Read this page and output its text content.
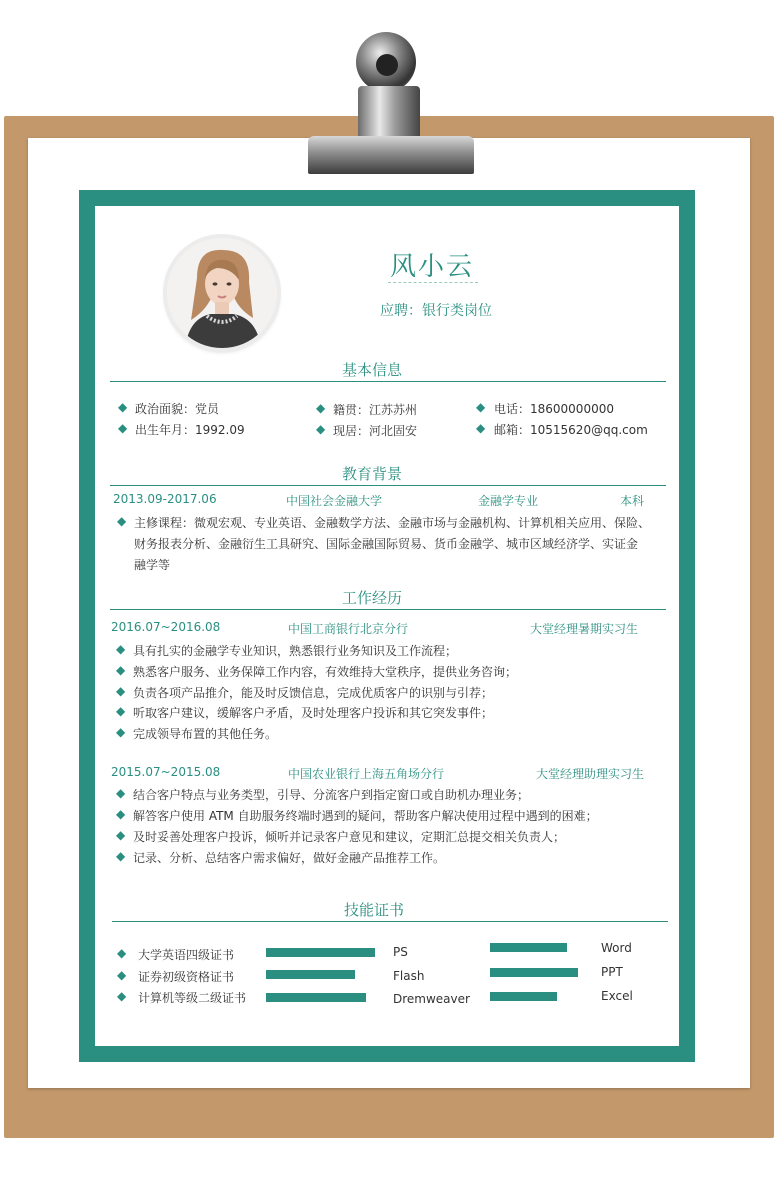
风小云
应聘：银行类岗位
基本信息
◆ 政治面貌：党员
◆ 出生年月：1992.09
◆ 籍贯：江苏苏州
◆ 现居：河北固安
◆ 电话：18600000000
◆ 邮箱：10515620@qq.com
教育背景
2013.09-2017.06	中国社会金融大学	金融学专业	本科
◆ 主修课程：微观宏观、专业英语、金融数学方法、金融市场与金融机构、计算机相关应用、保险、
财务报表分析、金融衍生工具研究、国际金融国际贸易、货币金融学、城市区域经济学、实证金
融学等
工作经历
2016.07~2016.08	中国工商银行北京分行	大堂经理暑期实习生
◆ 具有扎实的金融学专业知识，熟悉银行业务知识及工作流程；
◆ 熟悉客户服务、业务保障工作内容，有效维持大堂秩序，提供业务咨询；
◆ 负责各项产品推介，能及时反馈信息，完成优质客户的识别与引荐；
◆ 听取客户建议，缓解客户矛盾，及时处理客户投诉和其它突发事件；
◆ 完成领导布置的其他任务。
2015.07~2015.08	中国农业银行上海五角场分行	大堂经理助理实习生
◆ 结合客户特点与业务类型，引导、分流客户到指定窗口或自助机办理业务；
◆ 解答客户使用 ATM 自助服务终端时遇到的疑问，帮助客户解决使用过程中遇到的困难；
◆ 及时妥善处理客户投诉，倾听并记录客户意见和建议，定期汇总提交相关负责人；
◆ 记录、分析、总结客户需求偏好，做好金融产品推荐工作。
技能证书
◆ 大学英语四级证书
◆ 证券初级资格证书
◆ 计算机等级二级证书
PS
Flash
Dremweaver
Word
PPT
Excel
